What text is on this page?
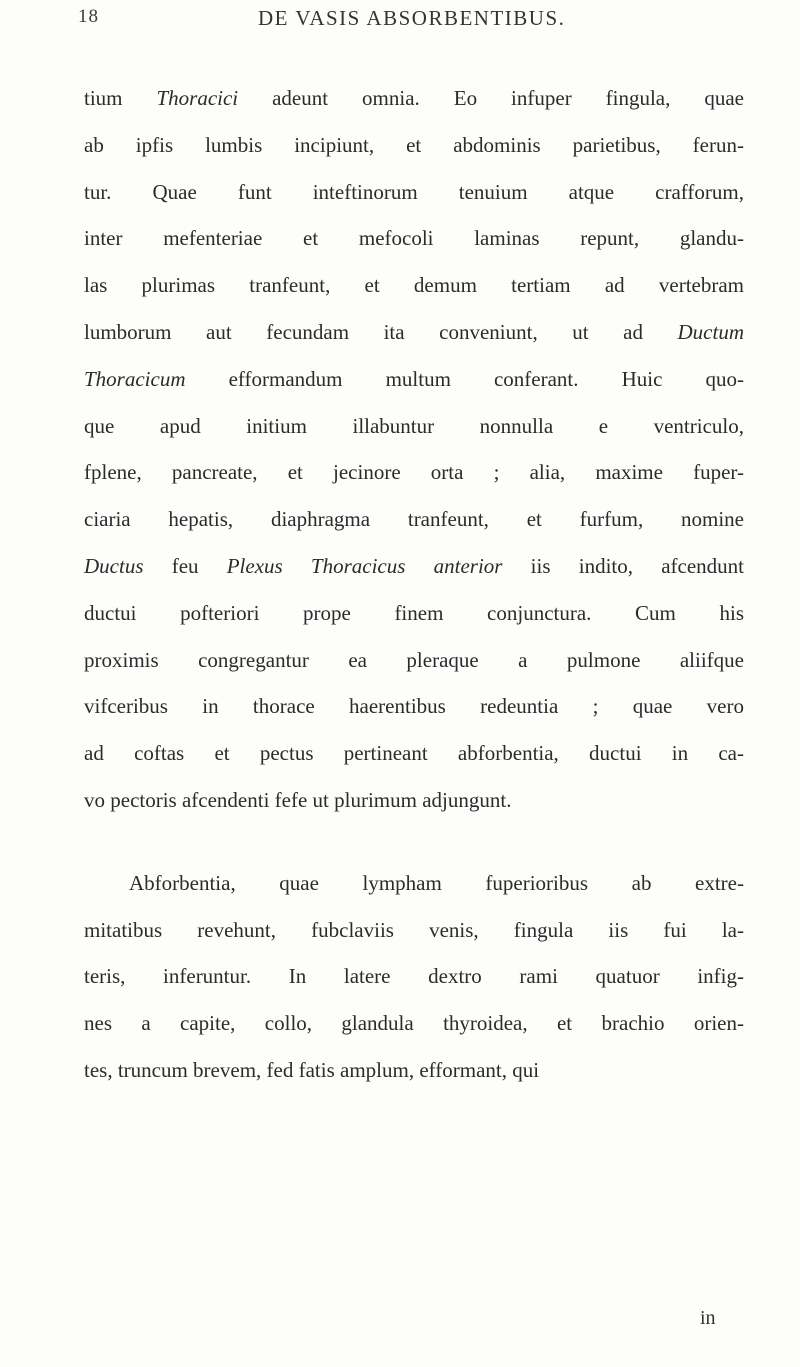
18	DE VASIS ABSORBENTIBUS.
tium Thoracici adeunt omnia. Eo infuper fingula, quae
ab ipfis lumbis incipiunt, et abdominis parietibus, ferun-
tur. Quae funt inteftinorum tenuium atque crafforum,
inter mefenteriae et mefocoli laminas repunt, glandu-
las plurimas tranfeunt, et demum tertiam ad vertebram
lumborum aut fecundam ita conveniunt, ut ad Ductum
Thoracicum efformandum multum conferant. Huic quo-
que apud initium illabuntur nonnulla e ventriculo,
fplene, pancreate, et jecinore orta ; alia, maxime fuper-
ciaria hepatis, diaphragma tranfeunt, et furfum, nomine
Ductus feu Plexus Thoracicus anterior iis indito, afcendunt
ductui pofteriori prope finem conjunctura. Cum his
proximis congregantur ea pleraque a pulmone aliifque
vifceribus in thorace haerentibus redeuntia ; quae vero
ad coftas et pectus pertineant abforbentia, ductui in ca-
vo pectoris afcendenti fefe ut plurimum adjungunt.
Abforbentia, quae lympham fuperioribus ab extre-
mitatibus revehunt, fubclaviis venis, fingula iis fui la-
teris, inferuntur. In latere dextro rami quatuor infig-
nes a capite, collo, glandula thyroidea, et brachio orien-
tes, truncum brevem, fed fatis amplum, efformant, qui
in
